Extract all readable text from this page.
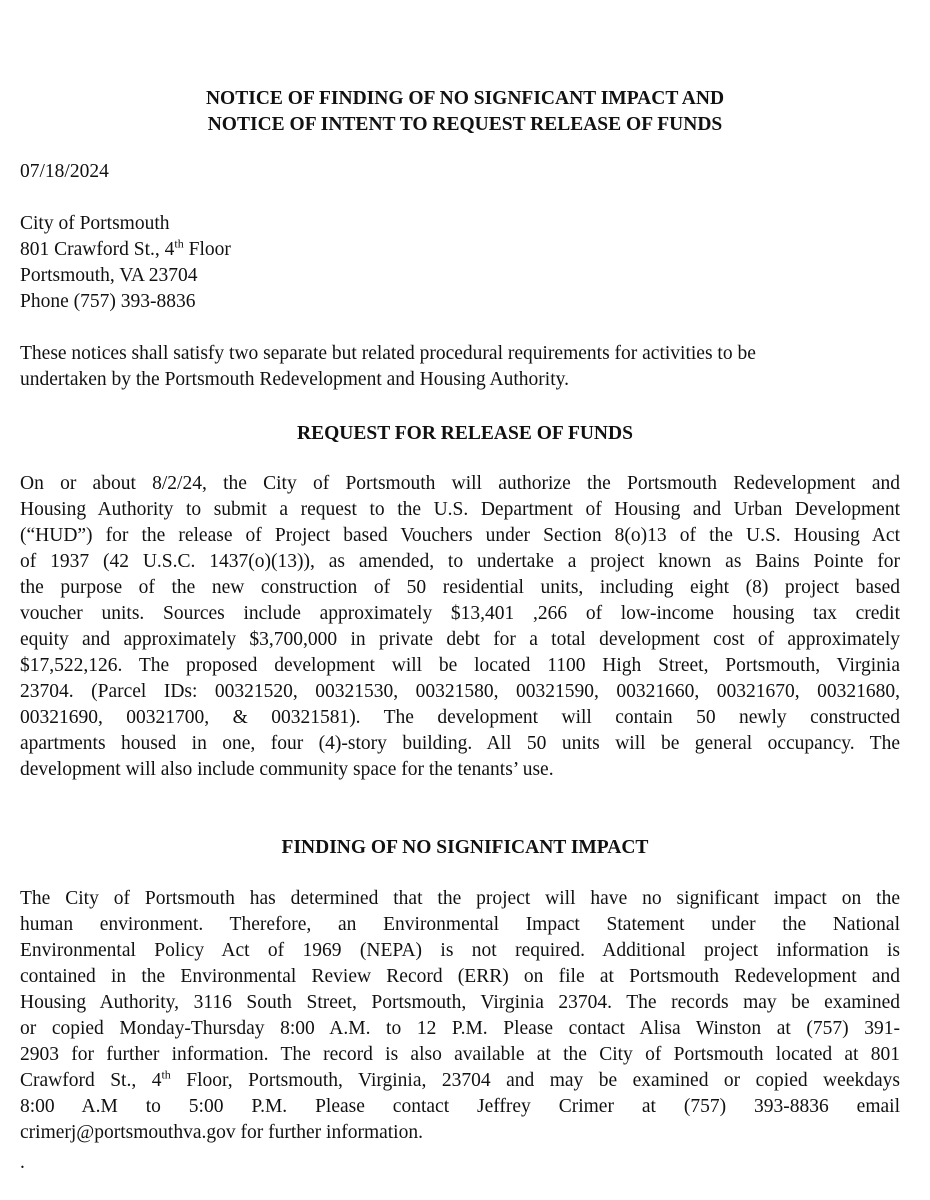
NOTICE OF FINDING OF NO SIGNFICANT IMPACT AND
NOTICE OF INTENT TO REQUEST RELEASE OF FUNDS
07/18/2024
City of Portsmouth
801 Crawford St., 4th Floor
Portsmouth, VA 23704
Phone (757) 393-8836
These notices shall satisfy two separate but related procedural requirements for activities to be
undertaken by the Portsmouth Redevelopment and Housing Authority.
REQUEST FOR RELEASE OF FUNDS
On or about 8/2/24, the City of Portsmouth will authorize the Portsmouth Redevelopment and
Housing Authority to submit a request to the U.S. Department of Housing and Urban Development
(“HUD”) for the release of Project based Vouchers under Section 8(o)13 of the U.S. Housing Act
of 1937 (42 U.S.C. 1437(o)(13)), as amended, to undertake a project known as Bains Pointe for
the purpose of the new construction of 50 residential units, including eight (8) project based
voucher units. Sources include approximately $13,401 ,266 of low-income housing tax credit
equity and approximately $3,700,000 in private debt for a total development cost of approximately
$17,522,126. The proposed development will be located 1100 High Street, Portsmouth, Virginia
23704. (Parcel IDs: 00321520, 00321530, 00321580, 00321590, 00321660, 00321670, 00321680,
00321690, 00321700, & 00321581). The development will contain 50 newly constructed
apartments housed in one, four (4)-story building. All 50 units will be general occupancy. The
development will also include community space for the tenants’ use.
FINDING OF NO SIGNIFICANT IMPACT
The City of Portsmouth has determined that the project will have no significant impact on the
human environment. Therefore, an Environmental Impact Statement under the National
Environmental Policy Act of 1969 (NEPA) is not required. Additional project information is
contained in the Environmental Review Record (ERR) on file at Portsmouth Redevelopment and
Housing Authority, 3116 South Street, Portsmouth, Virginia 23704. The records may be examined
or copied Monday-Thursday 8:00 A.M. to 12 P.M. Please contact Alisa Winston at (757) 391-
2903 for further information. The record is also available at the City of Portsmouth located at 801
Crawford St., 4th Floor, Portsmouth, Virginia, 23704 and may be examined or copied weekdays
8:00 A.M to 5:00 P.M. Please contact Jeffrey Crimer at (757) 393-8836 email
crimerj@portsmouthva.gov for further information.
.
